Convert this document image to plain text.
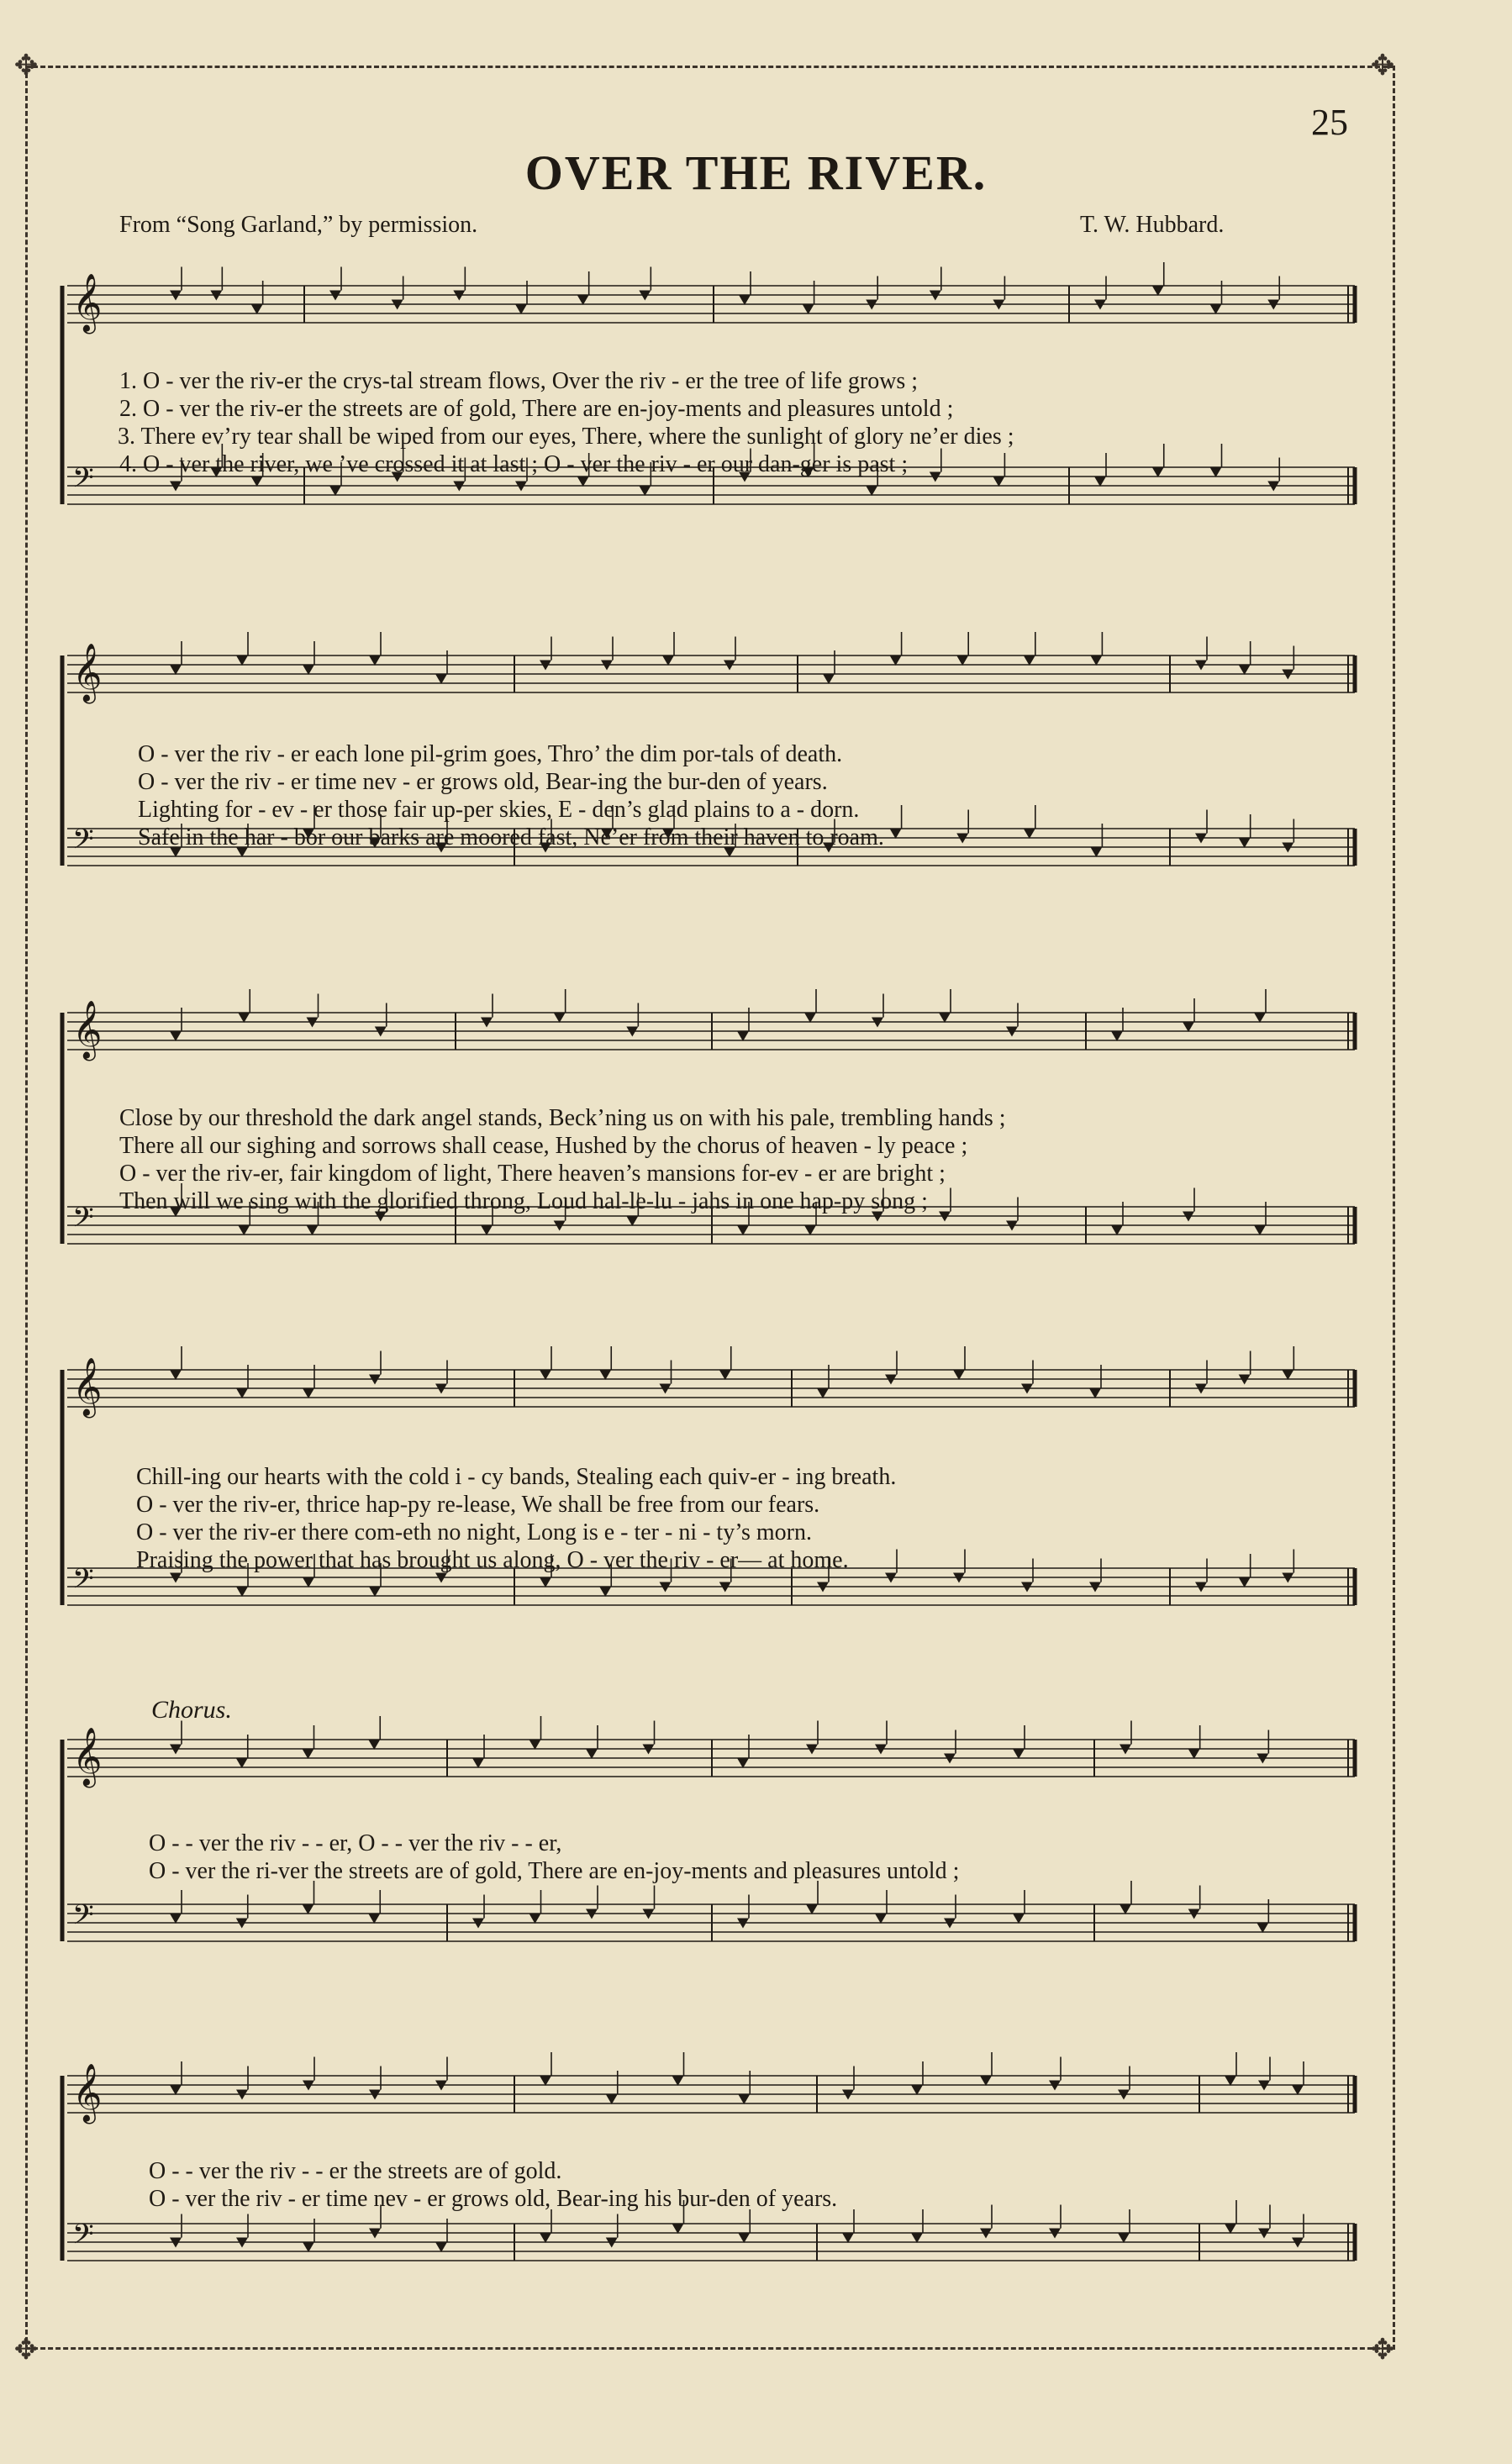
✥	✥
✥	✥
25
OVER THE RIVER.
From “Song Garland,” by permission.	T. W. Hubbard.
𝄞
𝄢
1. O - ver the riv-er the crys-tal stream flows, Over the riv - er the tree of life grows ;
2. O - ver the riv-er the streets are of gold, There are en-joy-ments and pleasures untold ;
3. There ev’ry tear shall be wiped from our eyes, There, where the sunlight of glory ne’er dies ;
4. O - ver the river, we ’ve crossed it at last ; O - ver the riv - er our dan-ger is past ;
𝄞
𝄢
O - ver the riv - er each lone pil-grim goes, Thro’ the dim por-tals of death.
O - ver the riv - er time nev - er grows old, Bear-ing the bur-den of years.
Lighting for - ev - er those fair up-per skies, E - den’s glad plains to a - dorn.
Safe in the har - bor our barks are moored fast, Ne’er from their haven to roam.
𝄞
𝄢
Close by our threshold the dark angel stands, Beck’ning us on with his pale, trembling hands ;
There all our sighing and sorrows shall cease, Hushed by the chorus of heaven - ly peace ;
O - ver the riv-er, fair kingdom of light, There heaven’s mansions for-ev - er are bright ;
Then will we sing with the glorified throng, Loud hal-le-lu - jahs in one hap-py song ;
𝄞
𝄢
Chill-ing our hearts with the cold i - cy bands, Stealing each quiv-er - ing breath.
O - ver the riv-er, thrice hap-py re-lease, We shall be free from our fears.
O - ver the riv-er there com-eth no night, Long is e - ter - ni - ty’s morn.
Praising the power that has brought us along, O - ver the riv - er— at home.
Chorus.
𝄞
𝄢
O - - ver the riv - - er, O - - ver the riv - - er,
O - ver the ri-ver the streets are of gold, There are en-joy-ments and pleasures untold ;
𝄞
𝄢
O - - ver the riv - - er the streets are of gold.
O - ver the riv - er time nev - er grows old, Bear-ing his bur-den of years.
